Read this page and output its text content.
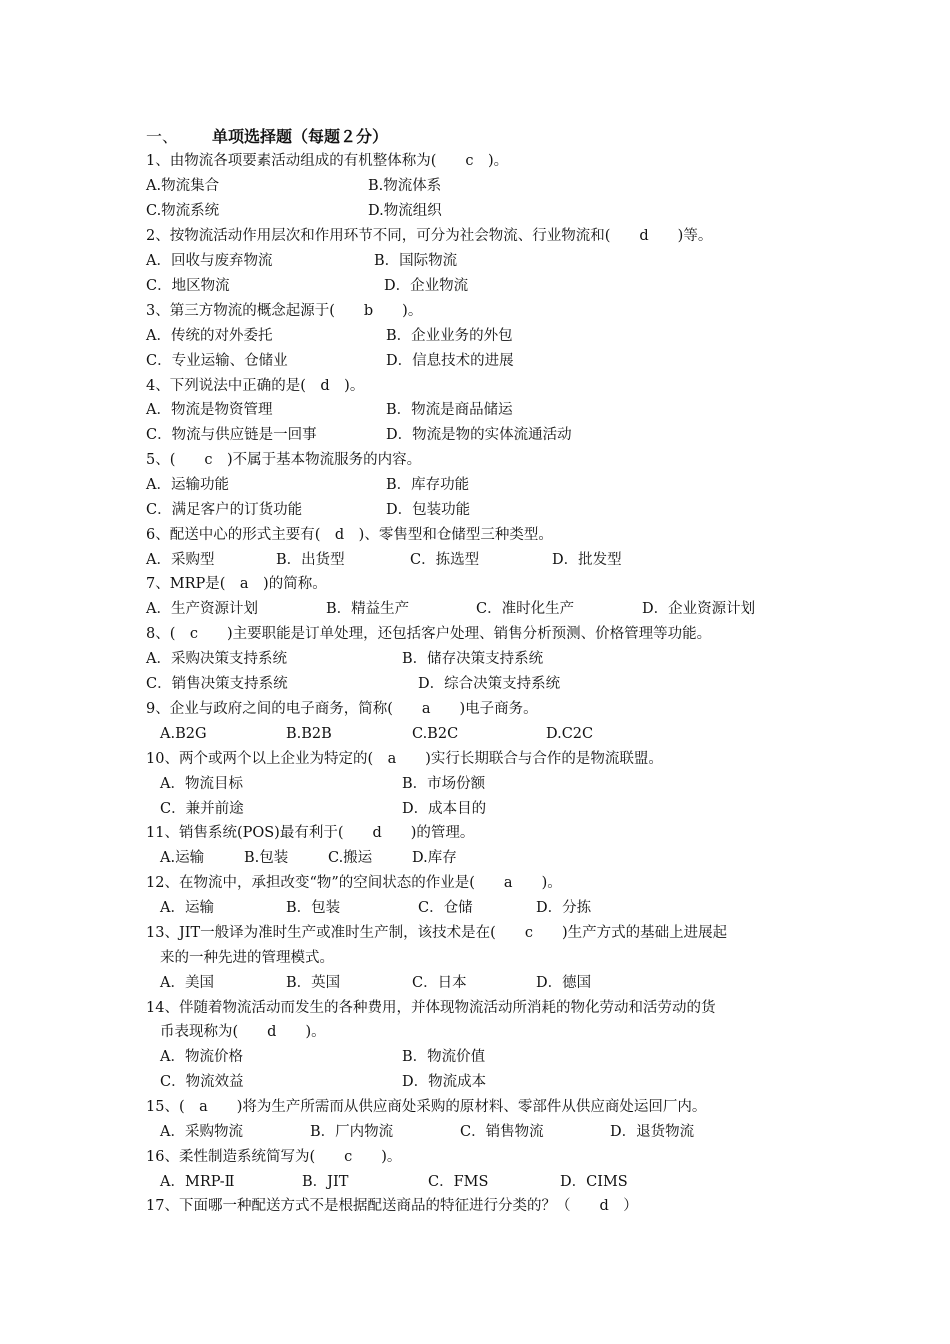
一、 单项选择题（每题２分）
1、由物流各项要素活动组成的有机整体称为(　　c　)。

A.物流集合

	B.物流体系

C.物流系统

	D.物流组织

2、按物流活动作用层次和作用环节不同，可分为社会物流、行业物流和(　　d　　)等。

A．回收与废弃物流

	B．国际物流

C．地区物流

	D．企业物流

3、第三方物流的概念起源于(　　b　　)。

A．传统的对外委托

	B．企业业务的外包

C．专业运输、仓储业

	D．信息技术的进展

4、下列说法中正确的是(　d　)。

A．物流是物资管理

	B．物流是商品储运

C．物流与供应链是一回事

	D．物流是物的实体流通活动

5、(　　c　)不属于基本物流服务的内容。

A．运输功能

	B．库存功能

C．满足客户的订货功能

	D．包装功能

6、配送中心的形式主要有(　d　)、零售型和仓储型三种类型。

A．采购型

	B．出货型

	C．拣选型

	D．批发型

7、MRP是(　a　)的简称。

A．生产资源计划

	B．精益生产

	C．准时化生产

	D．企业资源计划

8、(　c　　)主要职能是订单处理，还包括客户处理、销售分析预测、价格管理等功能。

A．采购决策支持系统

	B．储存决策支持系统

C．销售决策支持系统

	D．综合决策支持系统

9、企业与政府之间的电子商务，简称(　　a　　)电子商务。

A.B2G

	B.B2B

	C.B2C

	D.C2C

10、两个或两个以上企业为特定的(　a　　)实行长期联合与合作的是物流联盟。

A．物流目标

	B．市场份额

C．兼并前途

	D．成本目的

11、销售系统(POS)最有利于(　　d　　)的管理。

A.运输

	B.包装

	C.搬运

	D.库存

12、在物流中，承担改变“物”的空间状态的作业是(　　a　　)。

A．运输

	B．包装

	C．仓储

	D．分拣

13、JIT一般译为准时生产或准时生产制，该技术是在(　　c　　)生产方式的基础上进展起
来的一种先进的管理模式。

A．美国

	B．英国

	C．日本

	D．德国

14、伴随着物流活动而发生的各种费用，并体现物流活动所消耗的物化劳动和活劳动的货
币表现称为(　　d　　)。

A．物流价格

	B．物流价值

C．物流效益

	D．物流成本

15、(　a　　)将为生产所需而从供应商处采购的原材料、零部件从供应商处运回厂内。

A．采购物流

	B．厂内物流

	C．销售物流

	D．退货物流

16、柔性制造系统简写为(　　c　　)。

A．MRP-Ⅱ

	B．JIT

	C．FMS

	D．CIMS

17、下面哪一种配送方式不是根据配送商品的特征进行分类的？（　　d　）
